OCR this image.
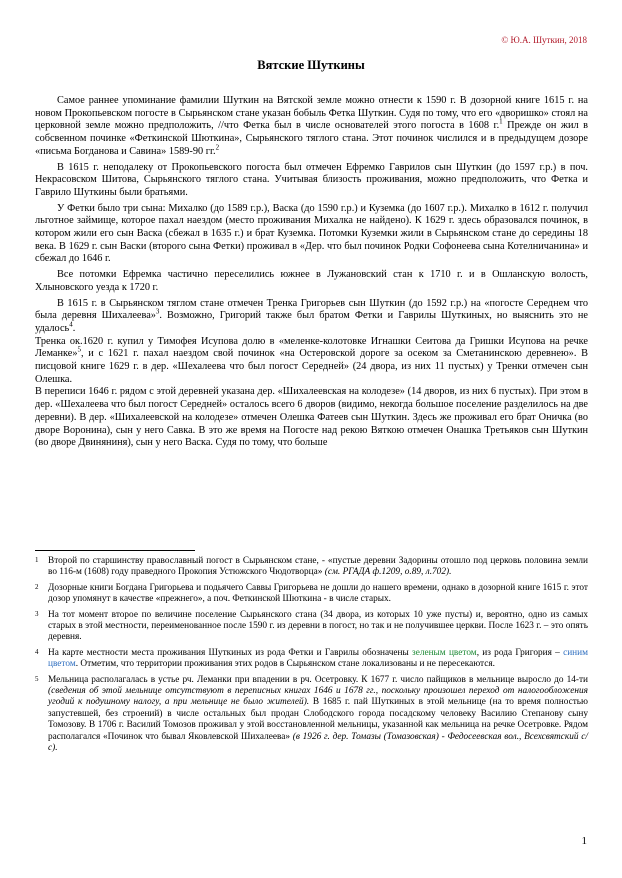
© Ю.А. Шуткин, 2018
Вятские Шуткины

Самое раннее упоминание фамилии Шуткин на Вятской земле можно отнести к 1590 г. В дозорной книге 1615 г. на новом Прокопьевском погосте в Сырьянском стане указан бобыль Фетка Шуткин. Судя по тому, что его «дворишко» стоял на церковной земле можно предположить, //что Фетка был в числе основателей этого погоста в 1608 г.$^1$ Прежде он жил в собсвенном починке «Феткинской Шюткина», Сырьянского тяглого стана. Этот починок числился и в предыдущем дозоре «письма Богданова и Савина» 1589-90 гг.$^2$

В 1615 г. неподалеку от Прокопьевского погоста был отмечен Ефремко Гаврилов сын Шуткин (до 1597 г.р.) в поч. Некрасовском Шитова, Сырьянского тяглого стана. Учитывая близость проживания, можно предположить, что Фетка и Гаврило Шуткины были братьями.

У Фетки было три сына: Михалко (до 1589 г.р.), Васка (до 1590 г.р.) и Куземка (до 1607 г.р.). Михалко в 1612 г. получил льготное займище, которое пахал наездом (место проживания Михалка не найдено). К 1629 г. здесь образовался починок, в котором жили его сын Васка (сбежал в 1635 г.) и брат Куземка. Потомки Куземки жили в Сырьянском стане до середины 18 века. В 1629 г. сын Васки (второго сына Фетки) проживал в «Дер. что был починок Родки Софонеева сына Котелничанина» и сбежал до 1646 г.

Все потомки Ефремка частично переселились южнее в Лужановский стан к 1710 г. и в Ошланскую волость, Хлыновского уезда к 1720 г.

В 1615 г. в Сырьянском тяглом стане отмечен Тренка Григорьев сын Шуткин (до 1592 г.р.) на «погосте Середнем что была деревня Шихалеева»$^3$. Возможно, Григорий также был братом Фетки и Гаврилы Шуткиных, но выяснить это не удалось$^4$.

Тренка ок.1620 г. купил у Тимофея Исупова долю в «меленке-колотовке Игнашки Сеитова да Гришки Исупова на речке Леманке»$^5$, и с 1621 г. пахал наездом свой починок «на Остеровской дороге за осеком за Сметанинскою деревнею». В писцовой книге 1629 г. в дер. «Шехалеева что был погост Середней» (24 двора, из них 11 пустых) у Тренки отмечен сын Олешка.

В переписи 1646 г. рядом с этой деревней указана дер. «Шихалеевская на колодезе» (14 дворов, из них 6 пустых). При этом в дер. «Шехалеева что был погост Середней» осталось всего 6 дворов (видимо, некогда большое поселение разделилось на две деревни). В дер. «Шихалеевской на колодезе» отмечен Олешка Фатеев сын Шуткин. Здесь же проживал его брат Оничка (во дворе Воронина), сын у него Савка. В это же время на Погосте над рекою Вяткою отмечен Онашка Третьяков сын Шуткин (во дворе Двиняниня), сын у него Васка. Судя по тому, что больше

1	Второй по старшинству православный погост в Сырьянском стане, - «пустые деревни Задорины отошло под церковь половина земли во 116-м (1608) году праведного Прокопия Устюжского Чюдотворца» (см. РГАДА ф.1209, о.89, л.702).
2	Дозорные книги Богдана Григорьева и подьячего Саввы Григорьева не дошли до нашего времени, однако в дозорной книге 1615 г. этот дозор упомянут в качестве «прежнего», а поч. Феткинской Шюткина - в числе старых.
3	На тот момент второе по величине поселение Сырьянского стана (34 двора, из которых 10 уже пусты) и, вероятно, одно из самых старых в этой местности, переименованное после 1590 г. из деревни в погост, но так и не получившее церкви. После 1623 г. – это опять деревня.
4	На карте местности места проживания Шуткиных из рода Фетки и Гаврилы обозначены зеленым цветом, из рода Григория – синим цветом. Отметим, что территории проживания этих родов в Сырьянском стане локализованы и не пересекаются.
5	Мельница располагалась в устье рч. Леманки при впадении в рч. Осетровку. К 1677 г. число пайщиков в мельнице выросло до 14-ти (сведения об этой мельнице отсутствуют в переписных книгах 1646 и 1678 гг., поскольку произошел переход от налогообложения угодий к подушному налогу, а при мельнице не было жителей). В 1685 г. пай Шуткиных в этой мельнице (на то время полностью запустевшей, без строений) в числе остальных был продан Слободского города посадскому человеку Василию Степанову сыну Томозову. В 1706 г. Василий Томозов проживал у этой восстановленной мельницы, указанной как мельница на речке Осетровке. Рядом располагался «Починок что бывал Яковлевской Шихалеева» (в 1926 г. дер. Томазы (Томазовская) - Федосеевская вол., Всехсвятский с/с).
1
